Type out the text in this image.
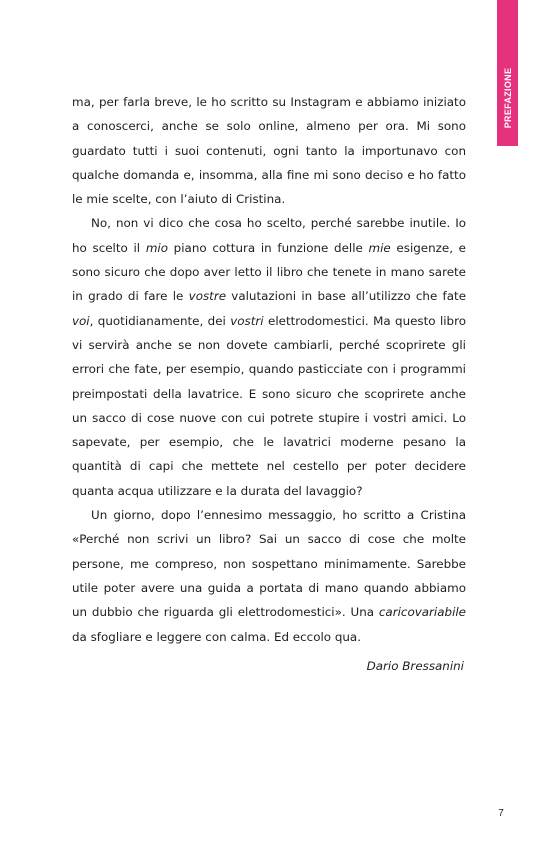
PREFAZIONE

ma, per farla breve, le ho scritto su Instagram e abbiamo iniziato a conoscerci, anche se solo online, almeno per ora. Mi sono guardato tutti i suoi contenuti, ogni tanto la importunavo con qualche domanda e, insomma, alla fine mi sono deciso e ho fatto le mie scelte, con l’aiuto di Cristina.

No, non vi dico che cosa ho scelto, perché sarebbe inutile. Io ho scelto il mio piano cottura in funzione delle mie esigenze, e sono sicuro che dopo aver letto il libro che tenete in mano sarete in grado di fare le vostre valutazioni in base all’utilizzo che fate voi, quotidianamente, dei vostri elettrodomestici. Ma questo libro vi servirà anche se non dovete cambiarli, perché scoprirete gli errori che fate, per esempio, quando pasticciate con i programmi preimpostati della lavatrice. E sono sicuro che scoprirete anche un sacco di cose nuove con cui potrete stupire i vostri amici. Lo sapevate, per esempio, che le lavatrici moderne pesano la quantità di capi che mettete nel cestello per poter decidere quanta acqua utilizzare e la durata del lavaggio?

Un giorno, dopo l’ennesimo messaggio, ho scritto a Cristina «Perché non scrivi un libro? Sai un sacco di cose che molte persone, me compreso, non sospettano minimamente. Sarebbe utile poter avere una guida a portata di mano quando abbiamo un dubbio che riguarda gli elettrodomestici». Una caricovariabile da sfogliare e leggere con calma. Ed eccolo qua.

Dario Bressanini
7
